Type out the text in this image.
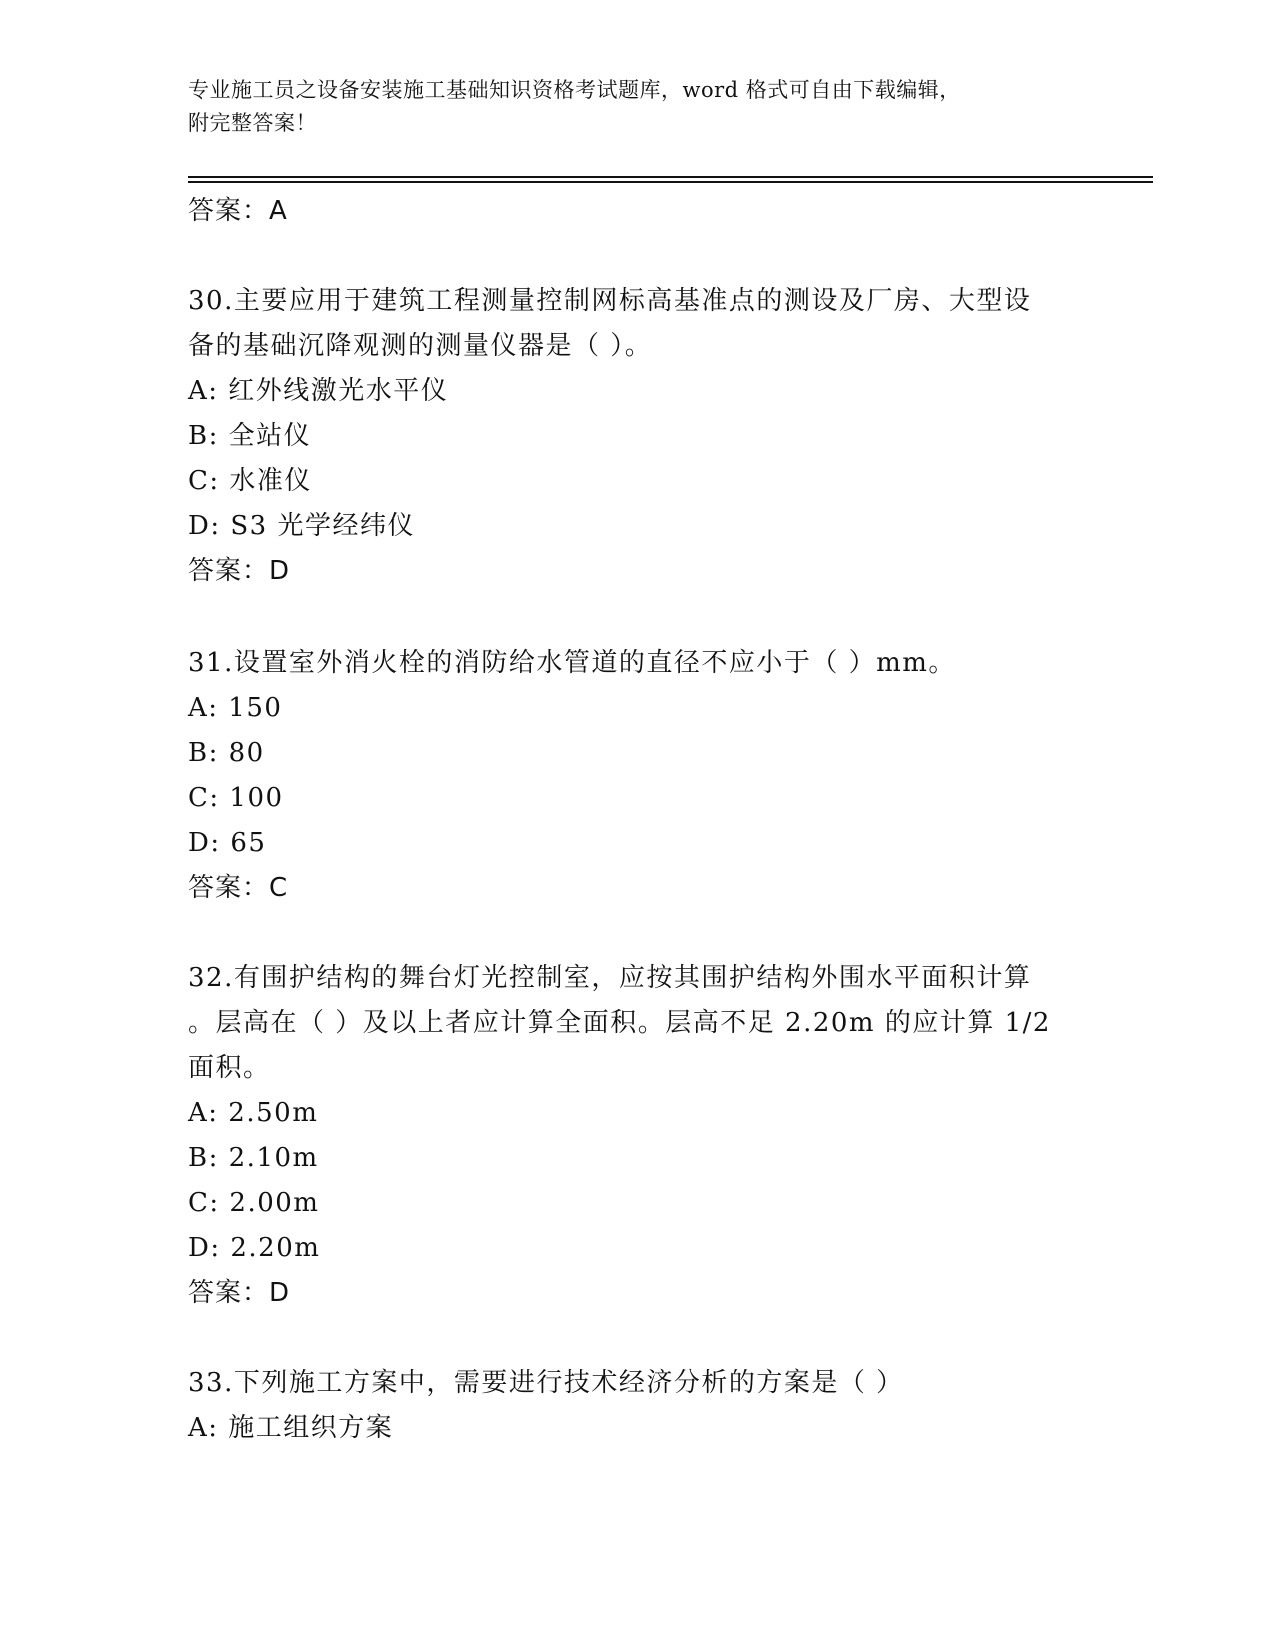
专业施工员之设备安装施工基础知识资格考试题库，word 格式可自由下载编辑，
附完整答案！
答案：A
30.主要应用于建筑工程测量控制网标高基准点的测设及厂房、大型设
备的基础沉降观测的测量仪器是（ ）。
A: 红外线激光水平仪
B: 全站仪
C: 水准仪
D: S3 光学经纬仪
答案：D
31.设置室外消火栓的消防给水管道的直径不应小于（ ）mm。
A: 150
B: 80
C: 100
D: 65
答案：C
32.有围护结构的舞台灯光控制室，应按其围护结构外围水平面积计算
。层高在（ ）及以上者应计算全面积。层高不足 2.20m 的应计算 1/2
面积。
A: 2.50m
B: 2.10m
C: 2.00m
D: 2.20m
答案：D
33.下列施工方案中，需要进行技术经济分析的方案是（ ）
A: 施工组织方案
